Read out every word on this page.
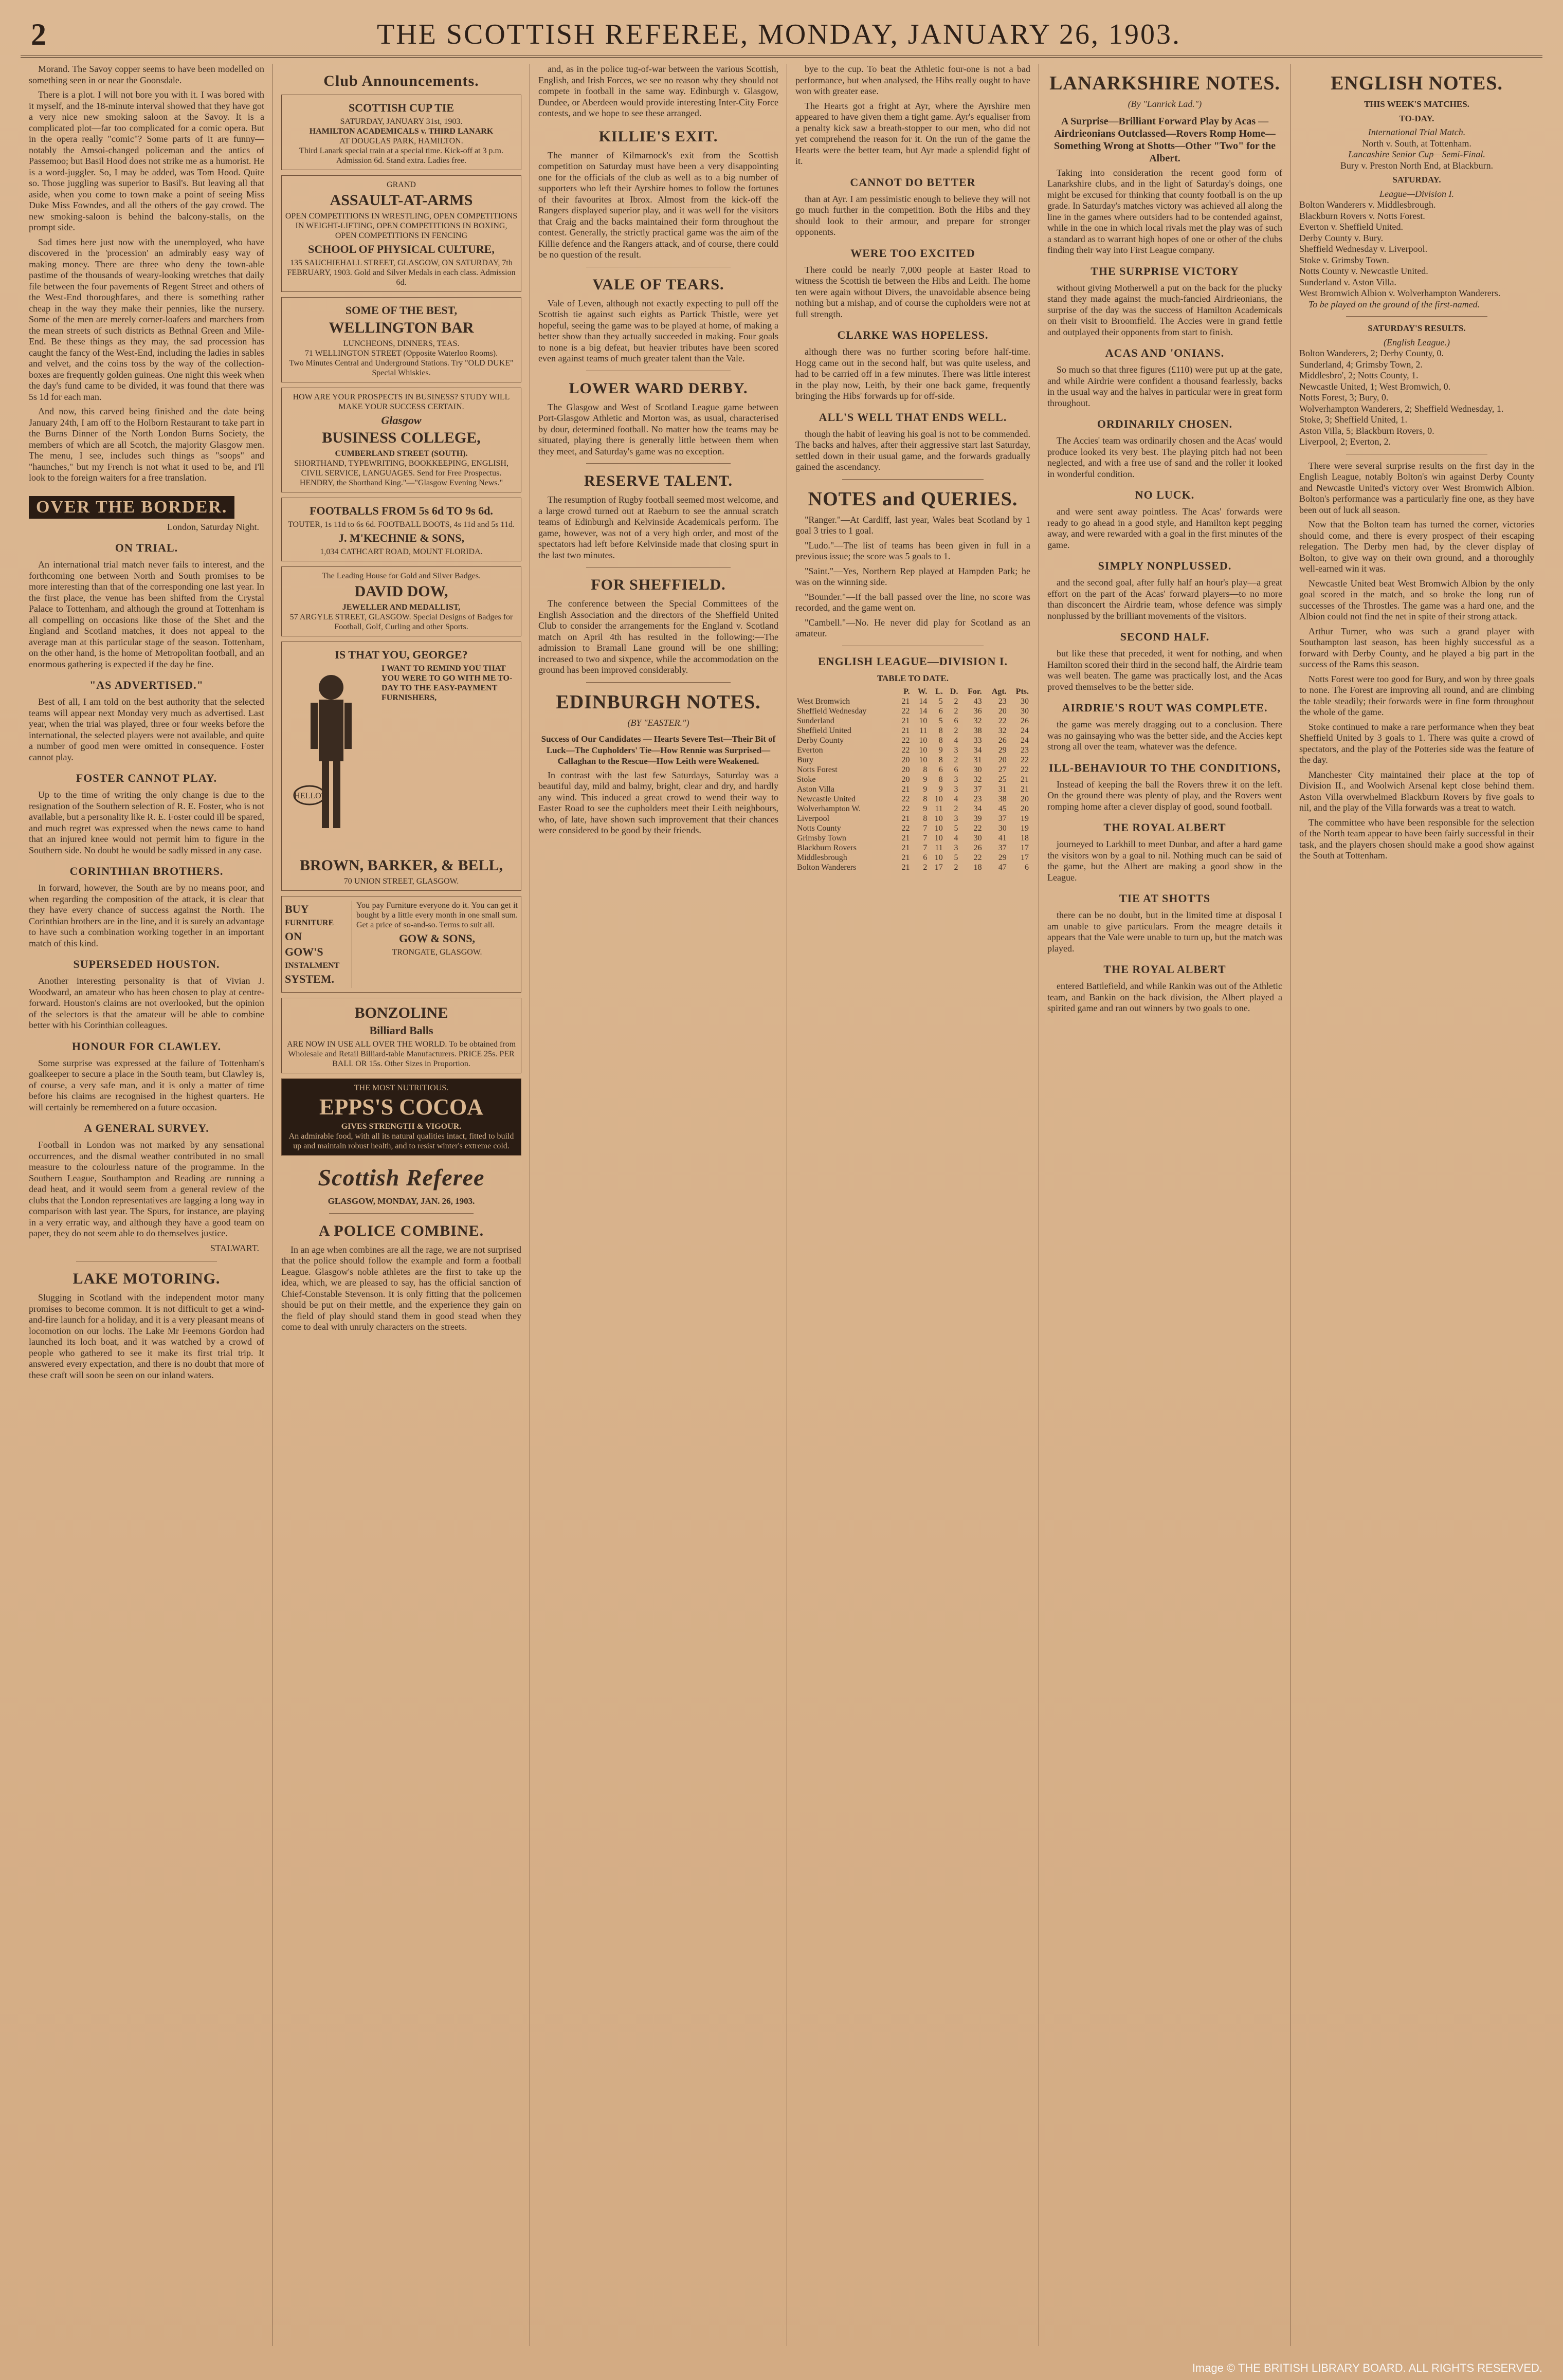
2	THE SCOTTISH REFEREE, MONDAY, JANUARY 26, 1903.

Morand. The Savoy copper seems to have been modelled on something seen in or near the Goonsdale.

There is a plot. I will not bore you with it. I was bored with it myself, and the 18-minute interval showed that they have got a very nice new smoking saloon at the Savoy. It is a complicated plot—far too complicated for a comic opera. But in the opera really "comic"? Some parts of it are funny—notably the Amsoi-changed policeman and the antics of Passemoo; but Basil Hood does not strike me as a humorist. He is a word-juggler. So, I may be added, was Tom Hood. Quite so. Those juggling was superior to Basil's. But leaving all that aside, when you come to town make a point of seeing Miss Duke Miss Fowndes, and all the others of the gay crowd. The new smoking-saloon is behind the balcony-stalls, on the prompt side.

Sad times here just now with the unemployed, who have discovered in the 'procession' an admirably easy way of making money. There are three who deny the town-able pastime of the thousands of weary-looking wretches that daily file between the four pavements of Regent Street and others of the West-End thoroughfares, and there is something rather cheap in the way they make their pennies, like the nursery. Some of the men are merely corner-loafers and marchers from the mean streets of such districts as Bethnal Green and Mile-End. Be these things as they may, the sad procession has caught the fancy of the West-End, including the ladies in sables and velvet, and the coins toss by the way of the collection-boxes are frequently golden guineas. One night this week when the day's fund came to be divided, it was found that there was 5s 1d for each man.

And now, this carved being finished and the date being January 24th, I am off to the Holborn Restaurant to take part in the Burns Dinner of the North London Burns Society, the members of which are all Scotch, the majority Glasgow men. The menu, I see, includes such things as "soops" and "haunches," but my French is not what it used to be, and I'll look to the foreign waiters for a free translation.

OVER THE BORDER.
London, Saturday Night.
ON TRIAL.

An international trial match never fails to interest, and the forthcoming one between North and South promises to be more interesting than that of the corresponding one last year. In the first place, the venue has been shifted from the Crystal Palace to Tottenham, and although the ground at Tottenham is all compelling on occasions like those of the Shet and the England and Scotland matches, it does not appeal to the average man at this particular stage of the season. Tottenham, on the other hand, is the home of Metropolitan football, and an enormous gathering is expected if the day be fine.

"AS ADVERTISED."

Best of all, I am told on the best authority that the selected teams will appear next Monday very much as advertised. Last year, when the trial was played, three or four weeks before the international, the selected players were not available, and quite a number of good men were omitted in consequence. Foster cannot play.

FOSTER CANNOT PLAY.

Up to the time of writing the only change is due to the resignation of the Southern selection of R. E. Foster, who is not available, but a personality like R. E. Foster could ill be spared, and much regret was expressed when the news came to hand that an injured knee would not permit him to figure in the Southern side. No doubt he would be sadly missed in any case.

CORINTHIAN BROTHERS.

In forward, however, the South are by no means poor, and when regarding the composition of the attack, it is clear that they have every chance of success against the North. The Corinthian brothers are in the line, and it is surely an advantage to have such a combination working together in an important match of this kind.

SUPERSEDED HOUSTON.

Another interesting personality is that of Vivian J. Woodward, an amateur who has been chosen to play at centre-forward. Houston's claims are not overlooked, but the opinion of the selectors is that the amateur will be able to combine better with his Corinthian colleagues.

HONOUR FOR CLAWLEY.

Some surprise was expressed at the failure of Tottenham's goalkeeper to secure a place in the South team, but Clawley is, of course, a very safe man, and it is only a matter of time before his claims are recognised in the highest quarters. He will certainly be remembered on a future occasion.

A GENERAL SURVEY.

Football in London was not marked by any sensational occurrences, and the dismal weather contributed in no small measure to the colourless nature of the programme. In the Southern League, Southampton and Reading are running a dead heat, and it would seem from a general review of the clubs that the London representatives are lagging a long way in comparison with last year. The Spurs, for instance, are playing in a very erratic way, and although they have a good team on paper, they do not seem able to do themselves justice.

STALWART.
LAKE MOTORING.

Slugging in Scotland with the independent motor many promises to become common. It is not difficult to get a wind-and-fire launch for a holiday, and it is a very pleasant means of locomotion on our lochs. The Lake Mr Feemons Gordon had launched its loch boat, and it was watched by a crowd of people who gathered to see it make its first trial trip. It answered every expectation, and there is no doubt that more of these craft will soon be seen on our inland waters.

Club Announcements.
SCOTTISH CUP TIE
SATURDAY, JANUARY 31st, 1903.
HAMILTON ACADEMICALS v. THIRD LANARK
AT DOUGLAS PARK, HAMILTON.
Third Lanark special train at a special time. Kick-off at 3 p.m. Admission 6d. Stand extra. Ladies free.
GRAND
ASSAULT-AT-ARMS
OPEN COMPETITIONS IN WRESTLING, OPEN COMPETITIONS IN WEIGHT-LIFTING, OPEN COMPETITIONS IN BOXING, OPEN COMPETITIONS IN FENCING
SCHOOL OF PHYSICAL CULTURE,
135 SAUCHIEHALL STREET, GLASGOW, ON SATURDAY, 7th FEBRUARY, 1903. Gold and Silver Medals in each class. Admission 6d.
SOME OF THE BEST,
WELLINGTON BAR
LUNCHEONS, DINNERS, TEAS.
71 WELLINGTON STREET (Opposite Waterloo Rooms).
Two Minutes Central and Underground Stations. Try "OLD DUKE" Special Whiskies.
HOW ARE YOUR PROSPECTS IN BUSINESS? STUDY WILL MAKE YOUR SUCCESS CERTAIN.
Glasgow
BUSINESS COLLEGE,
CUMBERLAND STREET (SOUTH).
SHORTHAND, TYPEWRITING, BOOKKEEPING, ENGLISH, CIVIL SERVICE, LANGUAGES. Send for Free Prospectus.
HENDRY, the Shorthand King."—"Glasgow Evening News."
FOOTBALLS FROM 5s 6d TO 9s 6d.
TOUTER, 1s 11d to 6s 6d. FOOTBALL BOOTS, 4s 11d and 5s 11d.
J. M'KECHNIE & SONS,
1,034 CATHCART ROAD, MOUNT FLORIDA.
The Leading House for Gold and Silver Badges.
DAVID DOW,
JEWELLER AND MEDALLIST,
57 ARGYLE STREET, GLASGOW. Special Designs of Badges for Football, Golf, Curling and other Sports.
IS THAT YOU, GEORGE?
HELLO?
I WANT TO REMIND YOU THAT YOU WERE TO GO WITH ME TO-DAY TO THE EASY-PAYMENT FURNISHERS,
BROWN, BARKER, & BELL,
70 UNION STREET, GLASGOW.
BUY
FURNITURE
ON
GOW'S
INSTALMENT
SYSTEM.
You pay Furniture everyone do it. You can get it bought by a little every month in one small sum. Get a price of so-and-so. Terms to suit all.
GOW & SONS,
TRONGATE, GLASGOW.
BONZOLINE
Billiard Balls
ARE NOW IN USE ALL OVER THE WORLD. To be obtained from Wholesale and Retail Billiard-table Manufacturers. PRICE 25s. PER BALL OR 15s. Other Sizes in Proportion.
THE MOST NUTRITIOUS.
EPPS'S COCOA
GIVES STRENGTH & VIGOUR.
An admirable food, with all its natural qualities intact, fitted to build up and maintain robust health, and to resist winter's extreme cold.
Scottish Referee
GLASGOW, MONDAY, JAN. 26, 1903.
A POLICE COMBINE.

In an age when combines are all the rage, we are not surprised that the police should follow the example and form a football League. Glasgow's noble athletes are the first to take up the idea, which, we are pleased to say, has the official sanction of Chief-Constable Stevenson. It is only fitting that the policemen should be put on their mettle, and the experience they gain on the field of play should stand them in good stead when they come to deal with unruly characters on the streets.

and, as in the police tug-of-war between the various Scottish, English, and Irish Forces, we see no reason why they should not compete in football in the same way. Edinburgh v. Glasgow, Dundee, or Aberdeen would provide interesting Inter-City Force contests, and we hope to see these arranged.

KILLIE'S EXIT.

The manner of Kilmarnock's exit from the Scottish competition on Saturday must have been a very disappointing one for the officials of the club as well as to a big number of supporters who left their Ayrshire homes to follow the fortunes of their favourites at Ibrox. Almost from the kick-off the Rangers displayed superior play, and it was well for the visitors that Craig and the backs maintained their form throughout the contest. Generally, the strictly practical game was the aim of the Killie defence and the Rangers attack, and of course, there could be no question of the result.

VALE OF TEARS.

Vale of Leven, although not exactly expecting to pull off the Scottish tie against such eights as Partick Thistle, were yet hopeful, seeing the game was to be played at home, of making a better show than they actually succeeded in making. Four goals to none is a big defeat, but heavier tributes have been scored even against teams of much greater talent than the Vale.

LOWER WARD DERBY.

The Glasgow and West of Scotland League game between Port-Glasgow Athletic and Morton was, as usual, characterised by dour, determined football. No matter how the teams may be situated, playing there is generally little between them when they meet, and Saturday's game was no exception.

RESERVE TALENT.

The resumption of Rugby football seemed most welcome, and a large crowd turned out at Raeburn to see the annual scratch teams of Edinburgh and Kelvinside Academicals perform. The game, however, was not of a very high order, and most of the spectators had left before Kelvinside made that closing spurt in the last two minutes.

FOR SHEFFIELD.

The conference between the Special Committees of the English Association and the directors of the Sheffield United Club to consider the arrangements for the England v. Scotland match on April 4th has resulted in the following:—The admission to Bramall Lane ground will be one shilling; increased to two and sixpence, while the accommodation on the ground has been improved considerably.

EDINBURGH NOTES.
(BY "EASTER.")
Success of Our Candidates — Hearts Severe Test—Their Bit of Luck—The Cupholders' Tie—How Rennie was Surprised—Callaghan to the Rescue—How Leith were Weakened.

In contrast with the last few Saturdays, Saturday was a beautiful day, mild and balmy, bright, clear and dry, and hardly any wind. This induced a great crowd to wend their way to Easter Road to see the cupholders meet their Leith neighbours, who, of late, have shown such improvement that their chances were considered to be good by their friends.

bye to the cup. To beat the Athletic four-one is not a bad performance, but when analysed, the Hibs really ought to have won with greater ease.

The Hearts got a fright at Ayr, where the Ayrshire men appeared to have given them a tight game. Ayr's equaliser from a penalty kick saw a breath-stopper to our men, who did not yet comprehend the reason for it. On the run of the game the Hearts were the better team, but Ayr made a splendid fight of it.

CANNOT DO BETTER

than at Ayr. I am pessimistic enough to believe they will not go much further in the competition. Both the Hibs and they should look to their armour, and prepare for stronger opponents.

WERE TOO EXCITED

There could be nearly 7,000 people at Easter Road to witness the Scottish tie between the Hibs and Leith. The home ten were again without Divers, the unavoidable absence being nothing but a mishap, and of course the cupholders were not at full strength.

CLARKE WAS HOPELESS.

although there was no further scoring before half-time. Hogg came out in the second half, but was quite useless, and had to be carried off in a few minutes. There was little interest in the play now, Leith, by their one back game, frequently bringing the Hibs' forwards up for off-side.

ALL'S WELL THAT ENDS WELL.

though the habit of leaving his goal is not to be commended. The backs and halves, after their aggressive start last Saturday, settled down in their usual game, and the forwards gradually gained the ascendancy.

NOTES and QUERIES.

"Ranger."—At Cardiff, last year, Wales beat Scotland by 1 goal 3 tries to 1 goal.

"Ludo."—The list of teams has been given in full in a previous issue; the score was 5 goals to 1.

"Saint."—Yes, Northern Rep played at Hampden Park; he was on the winning side.

"Bounder."—If the ball passed over the line, no score was recorded, and the game went on.

"Cambell."—No. He never did play for Scotland as an amateur.

ENGLISH LEAGUE—DIVISION I.
TABLE TO DATE.
	P.	W.	L.	D.	For.	Agt.	Pts.
West Bromwich	21	14	5	2	43	23	30
Sheffield Wednesday	22	14	6	2	36	20	30
Sunderland	21	10	5	6	32	22	26
Sheffield United	21	11	8	2	38	32	24
Derby County	22	10	8	4	33	26	24
Everton	22	10	9	3	34	29	23
Bury	20	10	8	2	31	20	22
Notts Forest	20	8	6	6	30	27	22
Stoke	20	9	8	3	32	25	21
Aston Villa	21	9	9	3	37	31	21
Newcastle United	22	8	10	4	23	38	20
Wolverhampton W.	22	9	11	2	34	45	20
Liverpool	21	8	10	3	39	37	19
Notts County	22	7	10	5	22	30	19
Grimsby Town	21	7	10	4	30	41	18
Blackburn Rovers	21	7	11	3	26	37	17
Middlesbrough	21	6	10	5	22	29	17
Bolton Wanderers	21	2	17	2	18	47	6
LANARKSHIRE NOTES.
(By "Lanrick Lad.")
A Surprise—Brilliant Forward Play by Acas — Airdrieonians Outclassed—Rovers Romp Home—Something Wrong at Shotts—Other "Two" for the Albert.

Taking into consideration the recent good form of Lanarkshire clubs, and in the light of Saturday's doings, one might be excused for thinking that county football is on the up grade. In Saturday's matches victory was achieved all along the line in the games where outsiders had to be contended against, while in the one in which local rivals met the play was of such a standard as to warrant high hopes of one or other of the clubs finding their way into First League company.

THE SURPRISE VICTORY

without giving Motherwell a put on the back for the plucky stand they made against the much-fancied Airdrieonians, the surprise of the day was the success of Hamilton Academicals on their visit to Broomfield. The Accies were in grand fettle and outplayed their opponents from start to finish.

ACAS AND 'ONIANS.

So much so that three figures (£110) were put up at the gate, and while Airdrie were confident a thousand fearlessly, backs in the usual way and the halves in particular were in great form throughout.

ORDINARILY CHOSEN.

The Accies' team was ordinarily chosen and the Acas' would produce looked its very best. The playing pitch had not been neglected, and with a free use of sand and the roller it looked in wonderful condition.

NO LUCK.

and were sent away pointless. The Acas' forwards were ready to go ahead in a good style, and Hamilton kept pegging away, and were rewarded with a goal in the first minutes of the game.

SIMPLY NONPLUSSED.

and the second goal, after fully half an hour's play—a great effort on the part of the Acas' forward players—to no more than disconcert the Airdrie team, whose defence was simply nonplussed by the brilliant movements of the visitors.

SECOND HALF.

but like these that preceded, it went for nothing, and when Hamilton scored their third in the second half, the Airdrie team was well beaten. The game was practically lost, and the Acas proved themselves to be the better side.

AIRDRIE'S ROUT WAS COMPLETE.

the game was merely dragging out to a conclusion. There was no gainsaying who was the better side, and the Accies kept strong all over the team, whatever was the defence.

ILL-BEHAVIOUR TO THE CONDITIONS,

Instead of keeping the ball the Rovers threw it on the left. On the ground there was plenty of play, and the Rovers went romping home after a clever display of good, sound football.

THE ROYAL ALBERT

journeyed to Larkhill to meet Dunbar, and after a hard game the visitors won by a goal to nil. Nothing much can be said of the game, but the Albert are making a good show in the League.

TIE AT SHOTTS

there can be no doubt, but in the limited time at disposal I am unable to give particulars. From the meagre details it appears that the Vale were unable to turn up, but the match was played.

THE ROYAL ALBERT

entered Battlefield, and while Rankin was out of the Athletic team, and Bankin on the back division, the Albert played a spirited game and ran out winners by two goals to one.

ENGLISH NOTES.
THIS WEEK'S MATCHES.
TO-DAY.
International Trial Match.
North v. South, at Tottenham.
Lancashire Senior Cup—Semi-Final.
Bury v. Preston North End, at Blackburn.
SATURDAY.
League—Division I.
Bolton Wanderers v. Middlesbrough.
Blackburn Rovers v. Notts Forest.
Everton v. Sheffield United.
Derby County v. Bury.
Sheffield Wednesday v. Liverpool.
Stoke v. Grimsby Town.
Notts County v. Newcastle United.
Sunderland v. Aston Villa.
West Bromwich Albion v. Wolverhampton Wanderers.

To be played on the ground of the first-named.

SATURDAY'S RESULTS.
(English League.)
Bolton Wanderers, 2; Derby County, 0.
Sunderland, 4; Grimsby Town, 2.
Middlesbro', 2; Notts County, 1.
Newcastle United, 1; West Bromwich, 0.
Notts Forest, 3; Bury, 0.
Wolverhampton Wanderers, 2; Sheffield Wednesday, 1.
Stoke, 3; Sheffield United, 1.
Aston Villa, 5; Blackburn Rovers, 0.
Liverpool, 2; Everton, 2.

There were several surprise results on the first day in the English League, notably Bolton's win against Derby County and Newcastle United's victory over West Bromwich Albion. Bolton's performance was a particularly fine one, as they have been out of luck all season.

Now that the Bolton team has turned the corner, victories should come, and there is every prospect of their escaping relegation. The Derby men had, by the clever display of Bolton, to give way on their own ground, and a thoroughly well-earned win it was.

Newcastle United beat West Bromwich Albion by the only goal scored in the match, and so broke the long run of successes of the Throstles. The game was a hard one, and the Albion could not find the net in spite of their strong attack.

Arthur Turner, who was such a grand player with Southampton last season, has been highly successful as a forward with Derby County, and he played a big part in the success of the Rams this season.

Notts Forest were too good for Bury, and won by three goals to none. The Forest are improving all round, and are climbing the table steadily; their forwards were in fine form throughout the whole of the game.

Stoke continued to make a rare performance when they beat Sheffield United by 3 goals to 1. There was quite a crowd of spectators, and the play of the Potteries side was the feature of the day.

Manchester City maintained their place at the top of Division II., and Woolwich Arsenal kept close behind them. Aston Villa overwhelmed Blackburn Rovers by five goals to nil, and the play of the Villa forwards was a treat to watch.

The committee who have been responsible for the selection of the North team appear to have been fairly successful in their task, and the players chosen should make a good show against the South at Tottenham.

Image © THE BRITISH LIBRARY BOARD. ALL RIGHTS RESERVED.
